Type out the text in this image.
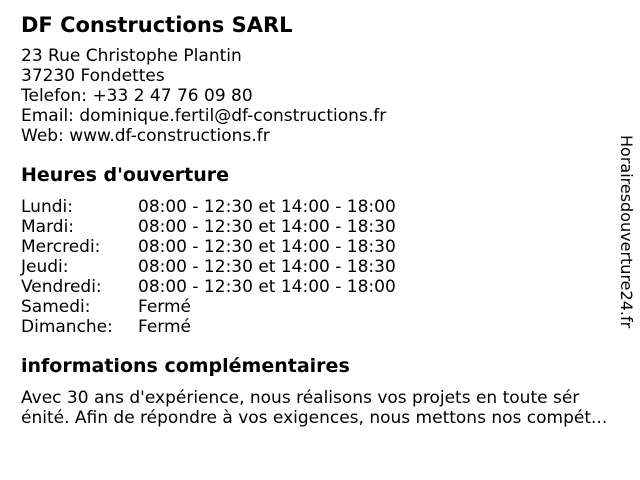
DF Constructions SARL
23 Rue Christophe Plantin
37230 Fondettes
Telefon: +33 2 47 76 09 80
Email: dominique.fertil@df-constructions.fr
Web: www.df-constructions.fr
Heures d'ouverture
Lundi:	08:00 - 12:30 et 14:00 - 18:00
Mardi:	08:00 - 12:30 et 14:00 - 18:30
Mercredi: 08:00 - 12:30 et 14:00 - 18:30
Jeudi:	08:00 - 12:30 et 14:00 - 18:30
Vendredi: 08:00 - 12:30 et 14:00 - 18:00
Samedi:	Fermé
Dimanche: Fermé
informations complémentaires
Avec 30 ans d'expérience, nous réalisons vos projets en toute sér
énité. Afin de répondre à vos exigences, nous mettons nos compét...
Horairesdouverture24.fr
